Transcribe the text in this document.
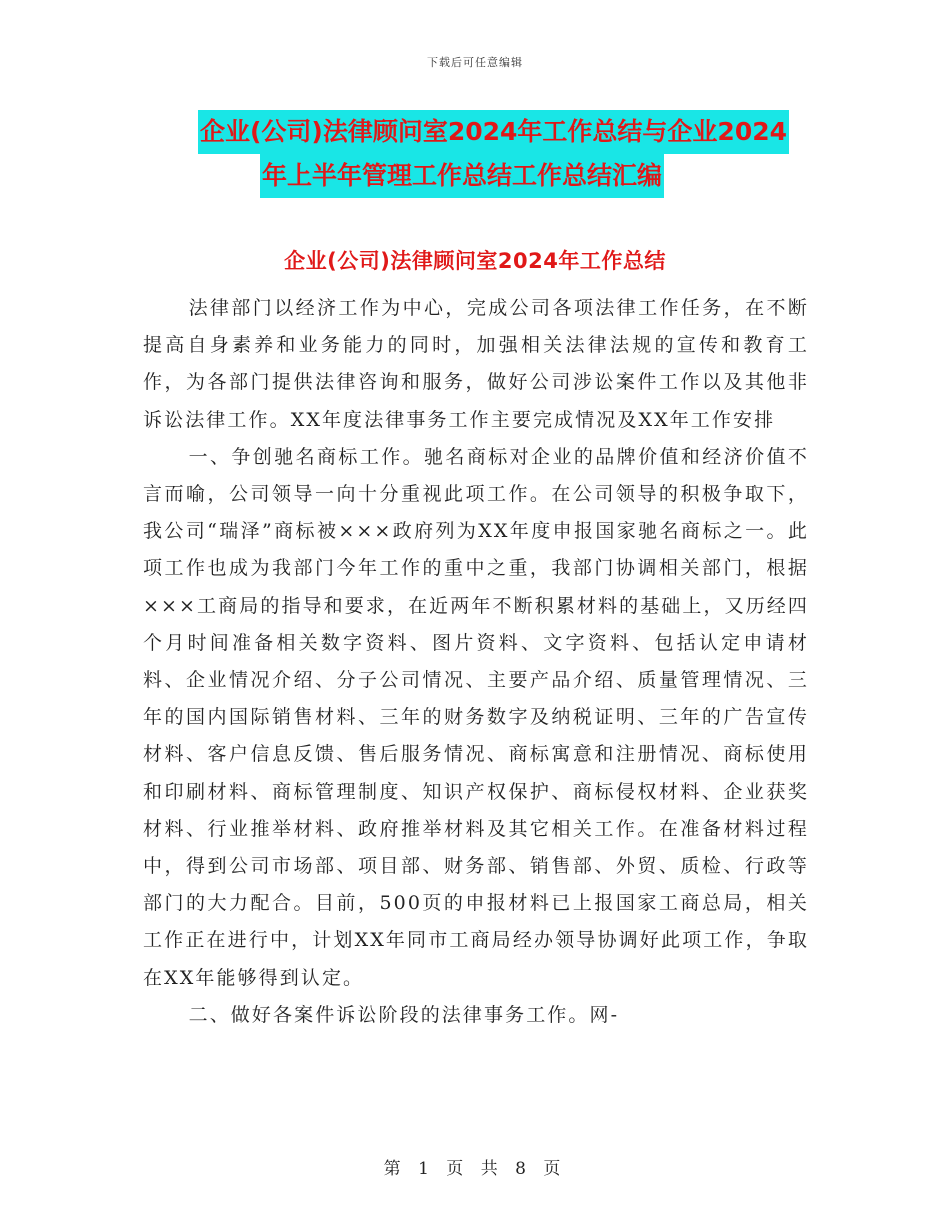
下载后可任意编辑
企业(公司)法律顾问室2024年工作总结与企业2024
年上半年管理工作总结工作总结汇编
企业(公司)法律顾问室2024年工作总结

法律部门以经济工作为中心，完成公司各项法律工作任务，在不断提高自身素养和业务能力的同时，加强相关法律法规的宣传和教育工作，为各部门提供法律咨询和服务，做好公司涉讼案件工作以及其他非诉讼法律工作。XX年度法律事务工作主要完成情况及XX年工作安排

一、争创驰名商标工作。驰名商标对企业的品牌价值和经济价值不言而喻，公司领导一向十分重视此项工作。在公司领导的积极争取下，我公司“瑞泽”商标被×××政府列为XX年度申报国家驰名商标之一。此项工作也成为我部门今年工作的重中之重，我部门协调相关部门，根据×××工商局的指导和要求，在近两年不断积累材料的基础上，又历经四个月时间准备相关数字资料、图片资料、文字资料、包括认定申请材料、企业情况介绍、分子公司情况、主要产品介绍、质量管理情况、三年的国内国际销售材料、三年的财务数字及纳税证明、三年的广告宣传材料、客户信息反馈、售后服务情况、商标寓意和注册情况、商标使用和印刷材料、商标管理制度、知识产权保护、商标侵权材料、企业获奖材料、行业推举材料、政府推举材料及其它相关工作。在准备材料过程中，得到公司市场部、项目部、财务部、销售部、外贸、质检、行政等部门的大力配合。目前，500页的申报材料已上报国家工商总局，相关工作正在进行中，计划XX年同市工商局经办领导协调好此项工作，争取在XX年能够得到认定。

二、做好各案件诉讼阶段的法律事务工作。网-

第 1 页 共 8 页
